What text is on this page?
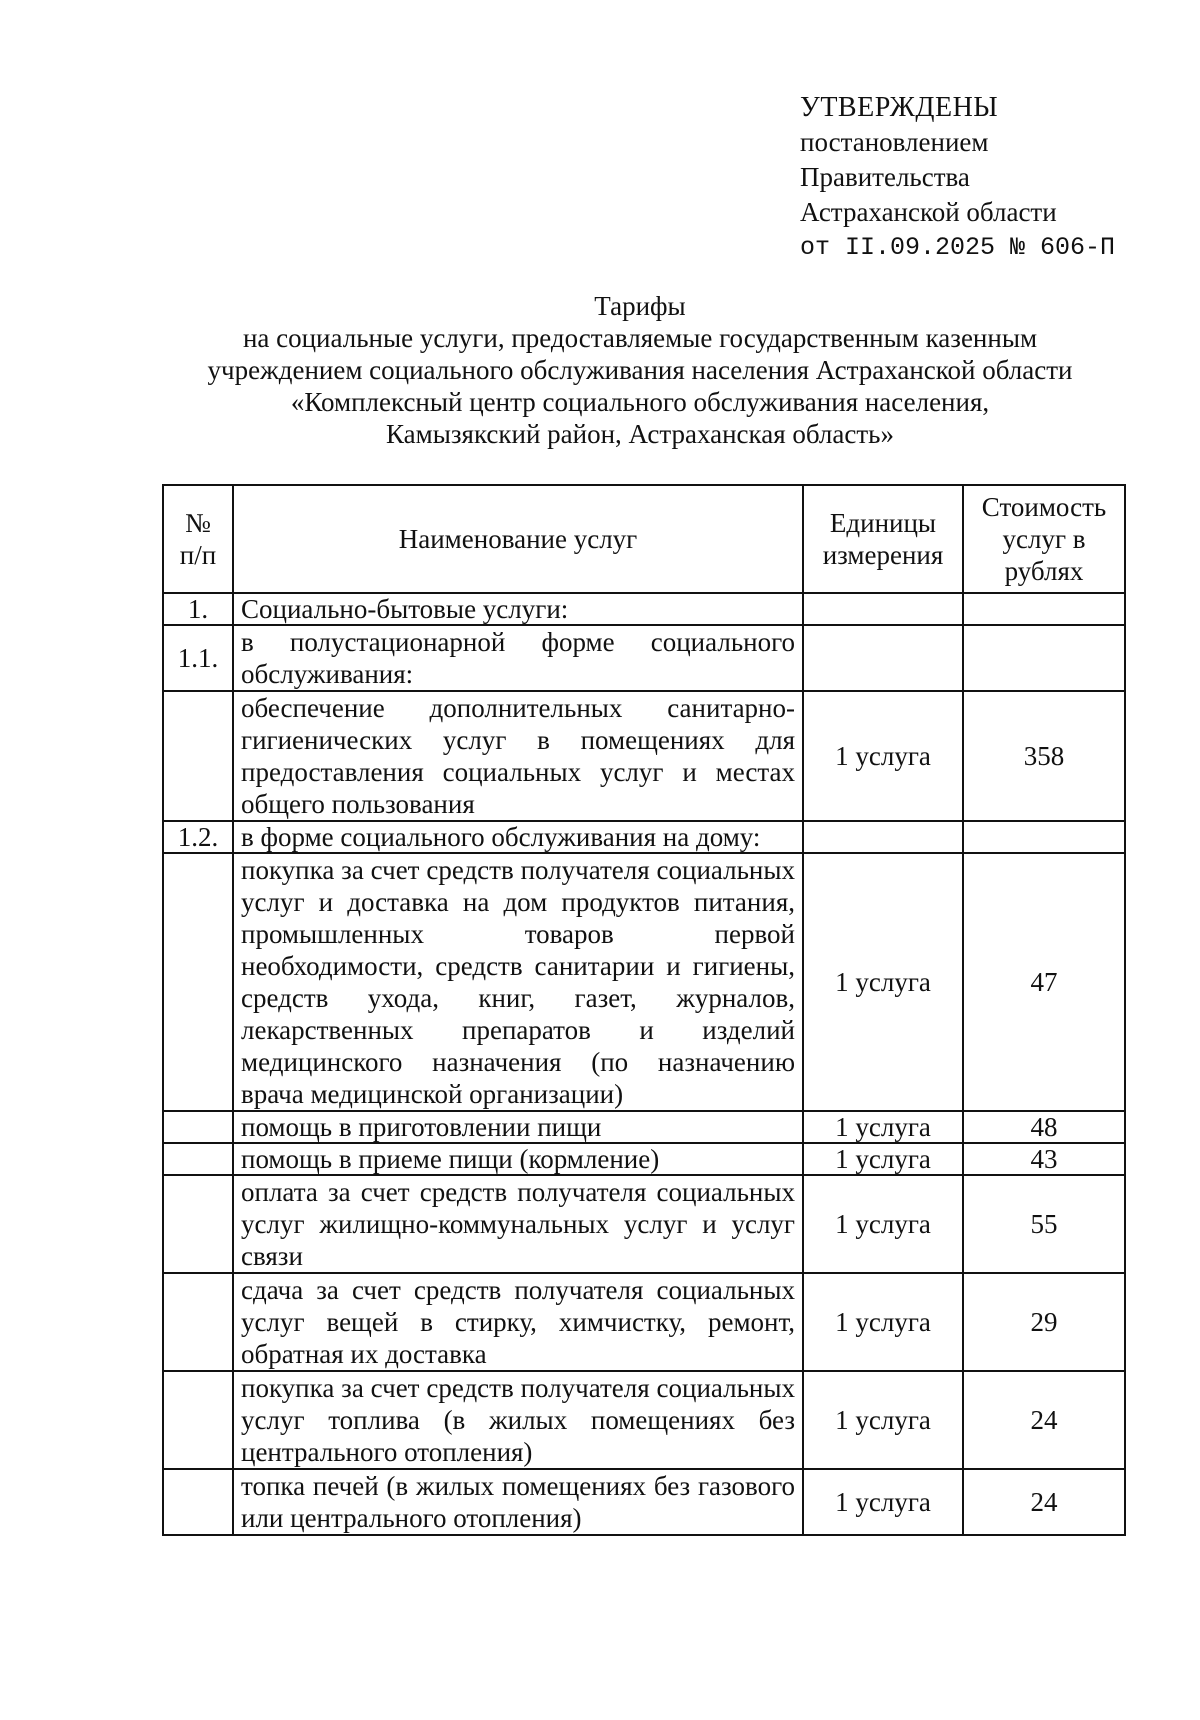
УТВЕРЖДЕНЫ
постановлением
Правительства
Астраханской области
от II.09.2025 № 606-П
Тарифы
на социальные услуги, предоставляемые государственным казенным
учреждением социального обслуживания населения Астраханской области
«Комплексный центр социального обслуживания населения,
Камызякский район, Астраханская область»
№ п/п	Наименование услуг	Единицы измерения	Стоимость услуг в рублях
1.	Социально-бытовые услуги:		
1.1.	в полустационарной форме социального обслуживания:		
	обеспечение дополнительных санитарно-гигиенических услуг в помещениях для предоставления социальных услуг и местах общего пользования	1 услуга	358
1.2.	в форме социального обслуживания на дому:		
	покупка за счет средств получателя социальных услуг и доставка на дом продуктов питания, промышленных товаров первой необходимости, средств санитарии и гигиены, средств ухода, книг, газет, журналов, лекарственных препаратов и изделий медицинского назначения (по назначению врача медицинской организации)	1 услуга	47
	помощь в приготовлении пищи	1 услуга	48
	помощь в приеме пищи (кормление)	1 услуга	43
	оплата за счет средств получателя социальных услуг жилищно-коммунальных услуг и услуг связи	1 услуга	55
	сдача за счет средств получателя социальных услуг вещей в стирку, химчистку, ремонт, обратная их доставка	1 услуга	29
	покупка за счет средств получателя социальных услуг топлива (в жилых помещениях без центрального отопления)	1 услуга	24
	топка печей (в жилых помещениях без газового или центрального отопления)	1 услуга	24
